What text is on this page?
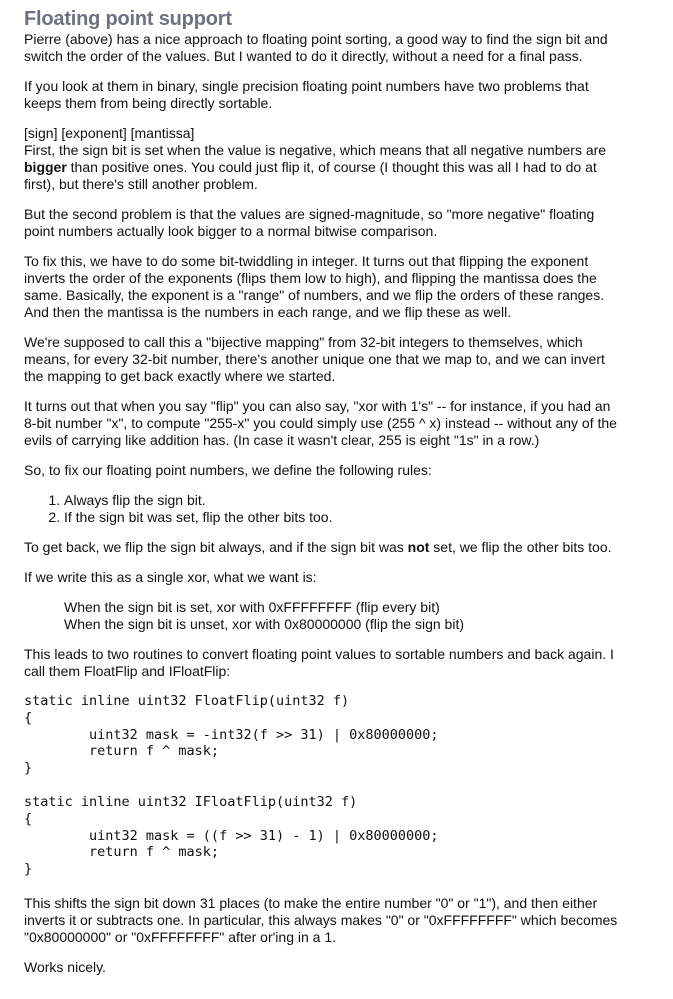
Floating point support

Pierre (above) has a nice approach to floating point sorting, a good way to find the sign bit and switch the order of the values. But I wanted to do it directly, without a need for a final pass.

If you look at them in binary, single precision floating point numbers have two problems that keeps them from being directly sortable.

[sign] [exponent] [mantissa]
First, the sign bit is set when the value is negative, which means that all negative numbers are bigger than positive ones. You could just flip it, of course (I thought this was all I had to do at first), but there's still another problem.

But the second problem is that the values are signed-magnitude, so "more negative" floating point numbers actually look bigger to a normal bitwise comparison.

To fix this, we have to do some bit-twiddling in integer. It turns out that flipping the exponent inverts the order of the exponents (flips them low to high), and flipping the mantissa does the same. Basically, the exponent is a "range" of numbers, and we flip the orders of these ranges. And then the mantissa is the numbers in each range, and we flip these as well.

We're supposed to call this a "bijective mapping" from 32-bit integers to themselves, which means, for every 32-bit number, there's another unique one that we map to, and we can invert the mapping to get back exactly where we started.

It turns out that when you say "flip" you can also say, "xor with 1's" -- for instance, if you had an 8-bit number "x", to compute "255-x" you could simply use (255 ^ x) instead -- without any of the evils of carrying like addition has. (In case it wasn't clear, 255 is eight "1s" in a row.)

So, to fix our floating point numbers, we define the following rules:

1. Always flip the sign bit.
2. If the sign bit was set, flip the other bits too.

To get back, we flip the sign bit always, and if the sign bit was not set, we flip the other bits too.

If we write this as a single xor, what we want is:

When the sign bit is set, xor with 0xFFFFFFFF (flip every bit)
When the sign bit is unset, xor with 0x80000000 (flip the sign bit)

This leads to two routines to convert floating point values to sortable numbers and back again. I call them FloatFlip and IFloatFlip:

static inline uint32 FloatFlip(uint32 f)
{
uint32 mask = -int32(f >> 31) | 0x80000000;
return f ^ mask;
}
static inline uint32 IFloatFlip(uint32 f)
{
uint32 mask = ((f >> 31) - 1) | 0x80000000;
return f ^ mask;
}

This shifts the sign bit down 31 places (to make the entire number "0" or "1"), and then either inverts it or subtracts one. In particular, this always makes "0" or "0xFFFFFFFF" which becomes "0x80000000" or "0xFFFFFFFF" after or'ing in a 1.

Works nicely.
